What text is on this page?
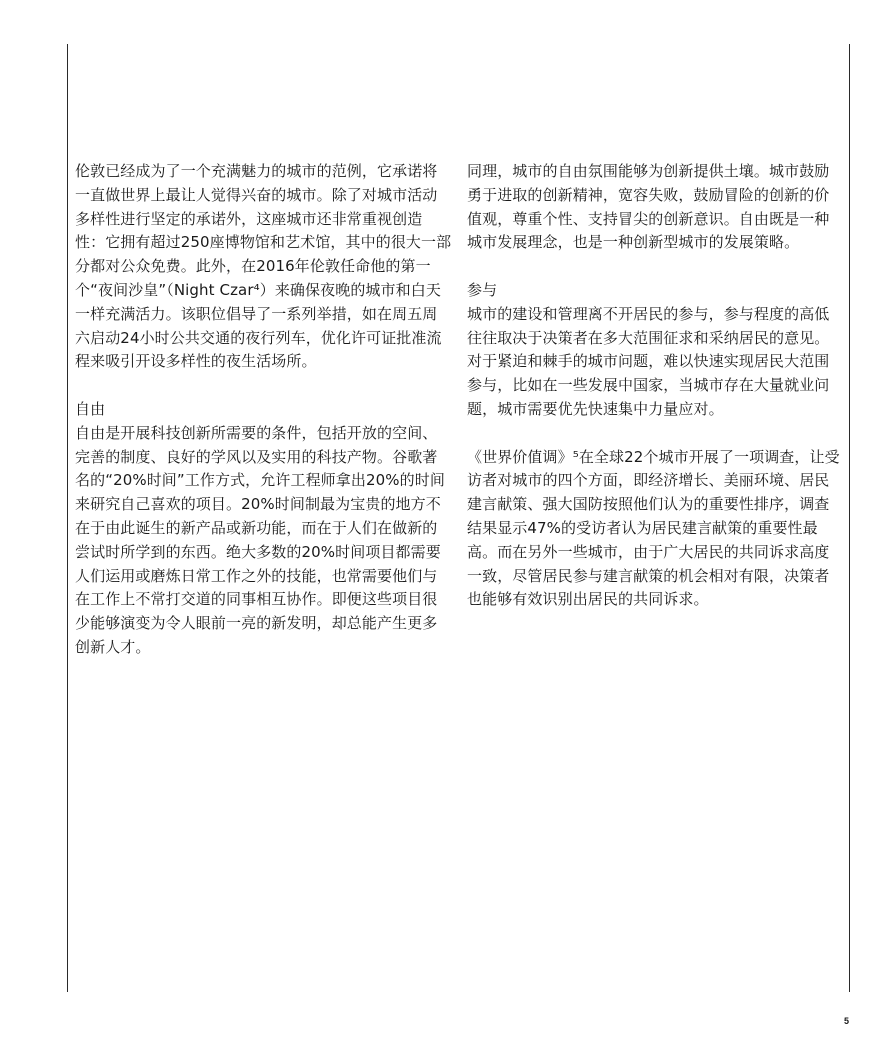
伦敦已经成为了一个充满魅力的城市的范例，它承诺将一直做世界上最让人觉得兴奋的城市。除了对城市活动多样性进行坚定的承诺外，这座城市还非常重视创造性：它拥有超过250座博物馆和艺术馆，其中的很大一部分都对公众免费。此外，在2016年伦敦任命他的第一个“夜间沙皇”（Night Czar⁴）来确保夜晚的城市和白天一样充满活力。该职位倡导了一系列举措，如在周五周六启动24小时公共交通的夜行列车，优化许可证批准流程来吸引开设多样性的夜生活场所。

自由

自由是开展科技创新所需要的条件，包括开放的空间、完善的制度、良好的学风以及实用的科技产物。谷歌著名的“20%时间”工作方式，允许工程师拿出20%的时间来研究自己喜欢的项目。20%时间制最为宝贵的地方不在于由此诞生的新产品或新功能，而在于人们在做新的尝试时所学到的东西。绝大多数的20%时间项目都需要人们运用或磨炼日常工作之外的技能，也常需要他们与在工作上不常打交道的同事相互协作。即便这些项目很少能够演变为令人眼前一亮的新发明，却总能产生更多创新人才。

同理，城市的自由氛围能够为创新提供土壤。城市鼓励勇于进取的创新精神，宽容失败，鼓励冒险的创新的价值观，尊重个性、支持冒尖的创新意识。自由既是一种城市发展理念，也是一种创新型城市的发展策略。

参与

城市的建设和管理离不开居民的参与，参与程度的高低往往取决于决策者在多大范围征求和采纳居民的意见。对于紧迫和棘手的城市问题，难以快速实现居民大范围参与，比如在一些发展中国家，当城市存在大量就业问题，城市需要优先快速集中力量应对。

《世界价值调》⁵在全球22个城市开展了一项调查，让受访者对城市的四个方面，即经济增长、美丽环境、居民建言献策、强大国防按照他们认为的重要性排序，调查结果显示47%的受访者认为居民建言献策的重要性最高。而在另外一些城市，由于广大居民的共同诉求高度一致，尽管居民参与建言献策的机会相对有限，决策者也能够有效识别出居民的共同诉求。

5
